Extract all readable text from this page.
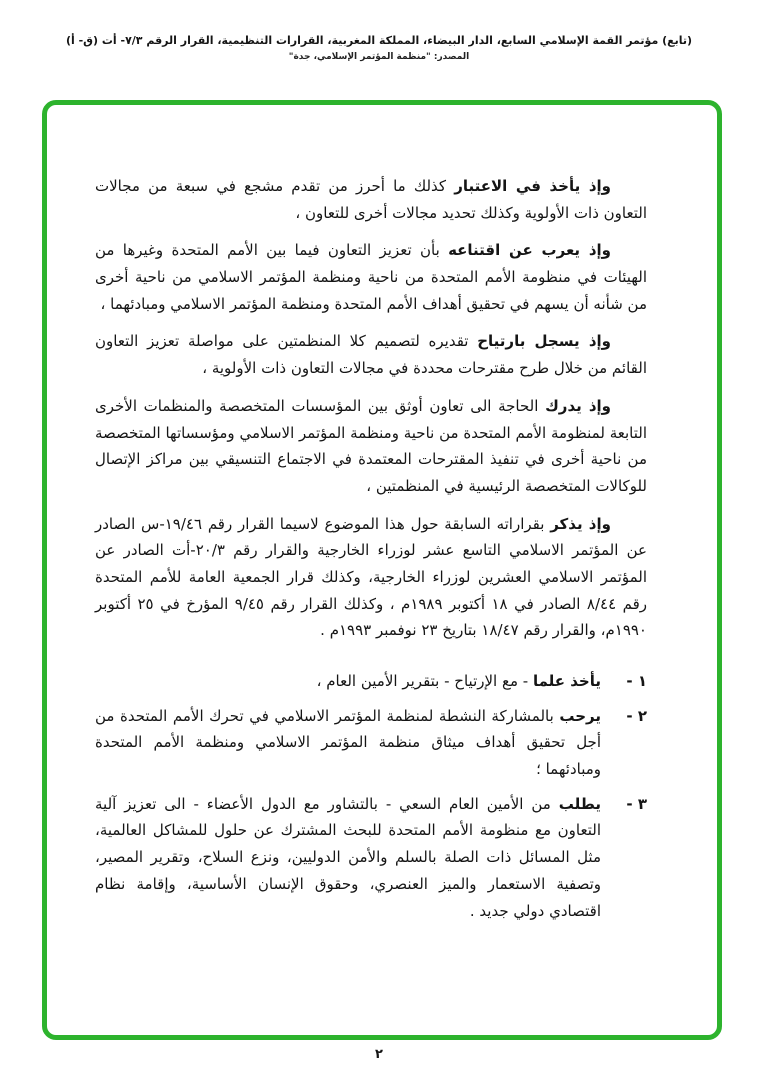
(تابع) مؤتمر القمة الإسلامي السابع، الدار البيضاء، المملكة المغربية، القرارات التنظيمية، القرار الرقم ٧/٣- أت (ق- أ)
المصدر: "منظمة المؤتمر الإسلامي، جدة"

وإذ يأخذ في الاعتبار كذلك ما أحرز من تقدم مشجع في سبعة من مجالات التعاون ذات الأولوية وكذلك تحديد مجالات أخرى للتعاون ،

وإذ يعرب عن اقتناعه بأن تعزيز التعاون فيما بين الأمم المتحدة وغيرها من الهيئات في منظومة الأمم المتحدة من ناحية ومنظمة المؤتمر الاسلامي من ناحية أخرى من شأنه أن يسهم في تحقيق أهداف الأمم المتحدة ومنظمة المؤتمر الاسلامي ومبادئهما ،

وإذ يسجل بارتياح تقديره لتصميم كلا المنظمتين على مواصلة تعزيز التعاون القائم من خلال طرح مقترحات محددة في مجالات التعاون ذات الأولوية ،

وإذ يدرك الحاجة الى تعاون أوثق بين المؤسسات المتخصصة والمنظمات الأخرى التابعة لمنظومة الأمم المتحدة من ناحية ومنظمة المؤتمر الاسلامي ومؤسساتها المتخصصة من ناحية أخرى في تنفيذ المقترحات المعتمدة في الاجتماع التنسيقي بين مراكز الإتصال للوكالات المتخصصة الرئيسية في المنظمتين ،

وإذ يذكر بقراراته السابقة حول هذا الموضوع لاسيما القرار رقم ١٩/٤٦-س الصادر عن المؤتمر الاسلامي التاسع عشر لوزراء الخارجية والقرار رقم ٢٠/٣-أت الصادر عن المؤتمر الاسلامي العشرين لوزراء الخارجية، وكذلك قرار الجمعية العامة للأمم المتحدة رقم ٨/٤٤ الصادر في ١٨ أكتوبر ١٩٨٩م ، وكذلك القرار رقم ٩/٤٥ المؤرخ في ٢٥ أكتوبر ١٩٩٠م، والقرار رقم ١٨/٤٧ بتاريخ ٢٣ نوفمبر ١٩٩٣م .

١ -
يأخذ علما - مع الإرتياح - بتقرير الأمين العام ،
٢ -
يرحب بالمشاركة النشطة لمنظمة المؤتمر الاسلامي في تحرك الأمم المتحدة من أجل تحقيق أهداف ميثاق منظمة المؤتمر الاسلامي ومنظمة الأمم المتحدة ومبادئهما ؛
٣ -
يطلب من الأمين العام السعي - بالتشاور مع الدول الأعضاء - الى تعزيز آلية التعاون مع منظومة الأمم المتحدة للبحث المشترك عن حلول للمشاكل العالمية، مثل المسائل ذات الصلة بالسلم والأمن الدوليين، ونزع السلاح، وتقرير المصير، وتصفية الاستعمار والميز العنصري، وحقوق الإنسان الأساسية، وإقامة نظام اقتصادي دولي جديد .
٢
